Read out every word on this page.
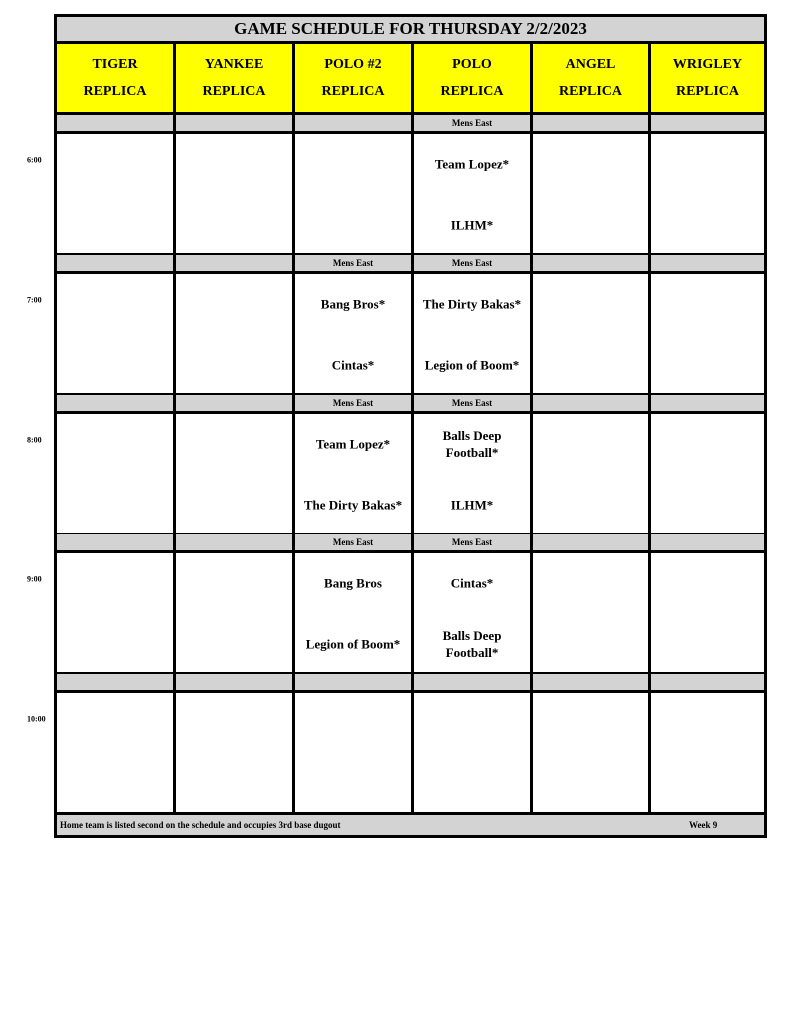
GAME SCHEDULE FOR THURSDAY 2/2/2023
TIGER
REPLICA
YANKEE
REPLICA
POLO #2
REPLICA
POLO
REPLICA
ANGEL
REPLICA
WRIGLEY
REPLICA
Mens East
Team Lopez*
ILHM*
Mens East
Bang Bros*
Cintas*
Mens East
The Dirty Bakas*
Legion of Boom*
Mens East
Team Lopez*
The Dirty Bakas*
Mens East
Balls Deep
Football*
ILHM*
Mens East
Bang Bros
Legion of Boom*
Mens East
Cintas*
Balls Deep
Football*
Home team is listed second on the schedule and occupies 3rd base dugout	Week 9
6:00
7:00
8:00
9:00
10:00
